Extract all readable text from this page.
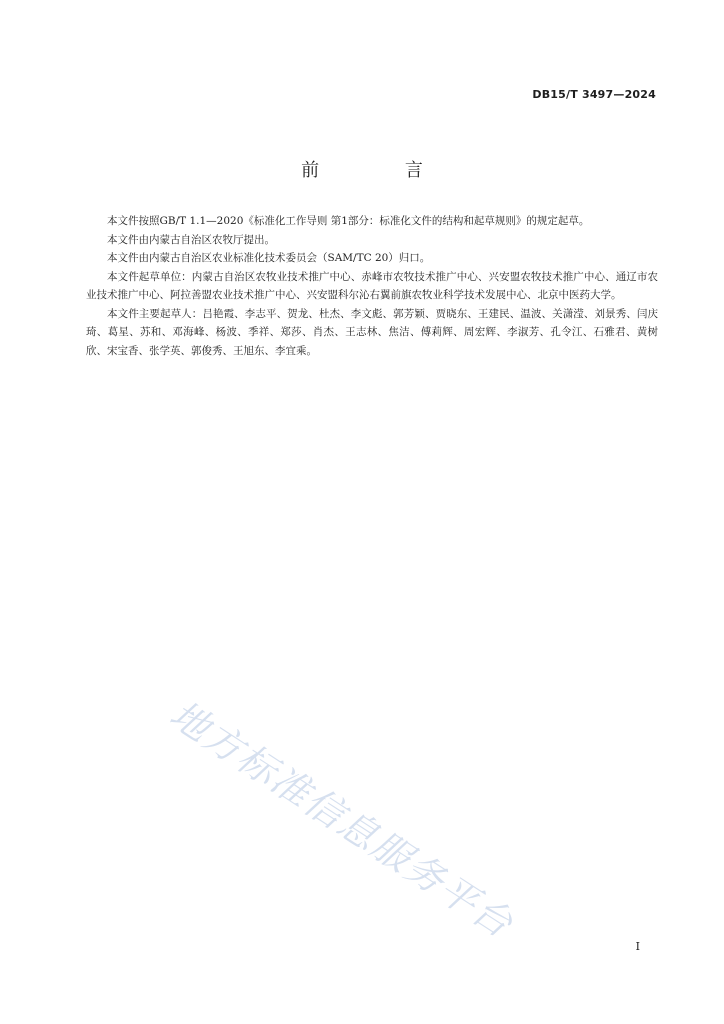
DB15/T 3497—2024
前 言

本文件按照GB/T 1.1—2020《标准化工作导则 第1部分：标准化文件的结构和起草规则》的规定起草。

本文件由内蒙古自治区农牧厅提出。

本文件由内蒙古自治区农业标准化技术委员会（SAM/TC 20）归口。

本文件起草单位：内蒙古自治区农牧业技术推广中心、赤峰市农牧技术推广中心、兴安盟农牧技术推广中心、通辽市农业技术推广中心、阿拉善盟农业技术推广中心、兴安盟科尔沁右翼前旗农牧业科学技术发展中心、北京中医药大学。

本文件主要起草人：吕艳霞、李志平、贺龙、杜杰、李文彪、郭芳颖、贾晓东、王建民、温波、关潇滢、刘景秀、闫庆琦、葛星、苏和、邓海峰、杨波、季祥、郑莎、肖杰、王志林、焦洁、傅莉辉、周宏辉、李淑芳、孔令江、石雅君、黄树欣、宋宝香、张学英、郭俊秀、王旭东、李宜乘。

地方标准信息服务平台	I
